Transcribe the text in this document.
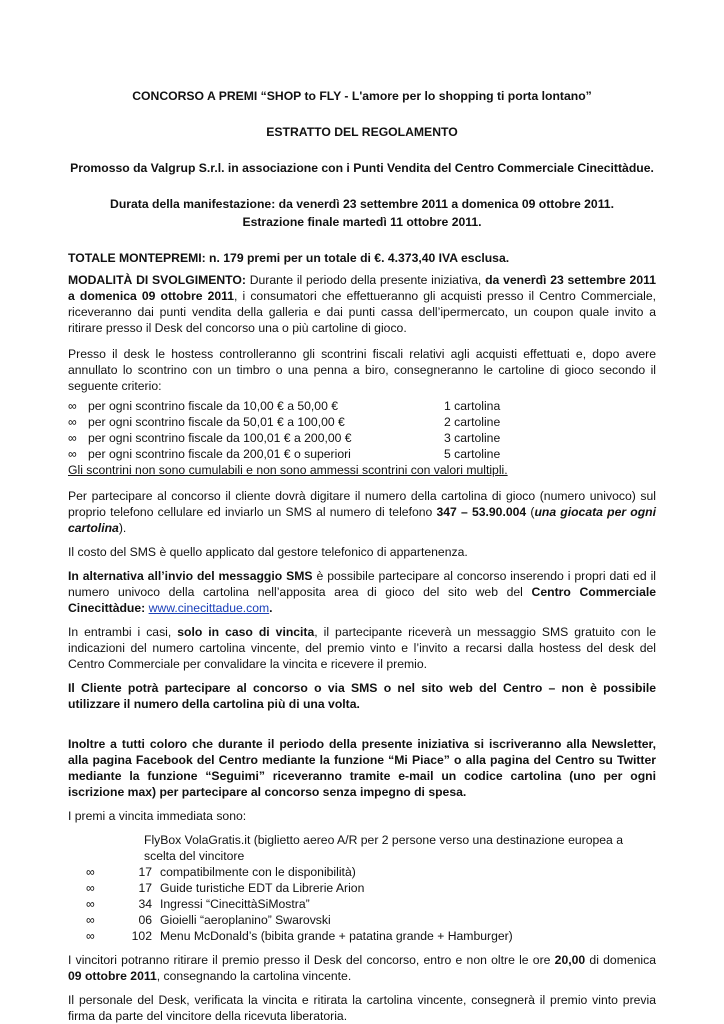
CONCORSO A PREMI “SHOP to FLY - L'amore per lo shopping ti porta lontano”
ESTRATTO DEL REGOLAMENTO
Promosso da Valgrup S.r.l. in associazione con i Punti Vendita del Centro Commerciale Cinecittàdue.
Durata della manifestazione: da venerdì 23 settembre 2011 a domenica 09 ottobre 2011.
Estrazione finale martedì 11 ottobre 2011.

TOTALE MONTEPREMI: n. 179 premi per un totale di €. 4.373,40 IVA esclusa.

MODALITÀ DI SVOLGIMENTO: Durante il periodo della presente iniziativa, da venerdì 23 settembre 2011 a domenica 09 ottobre 2011, i consumatori che effettueranno gli acquisti presso il Centro Commerciale, riceveranno dai punti vendita della galleria e dai punti cassa dell’ipermercato, un coupon quale invito a ritirare presso il Desk del concorso una o più cartoline di gioco.

Presso il desk le hostess controlleranno gli scontrini fiscali relativi agli acquisti effettuati e, dopo avere annullato lo scontrino con un timbro o una penna a biro, consegneranno le cartoline di gioco secondo il seguente criterio:

∞	per ogni scontrino fiscale da 10,00 € a 50,00 €	1 cartolina
∞	per ogni scontrino fiscale da 50,01 € a 100,00 €	2 cartoline
∞	per ogni scontrino fiscale da 100,01 € a 200,00 €	3 cartoline
∞	per ogni scontrino fiscale da 200,01 € o superiori	5 cartoline

Gli scontrini non sono cumulabili e non sono ammessi scontrini con valori multipli.

Per partecipare al concorso il cliente dovrà digitare il numero della cartolina di gioco (numero univoco) sul proprio telefono cellulare ed inviarlo un SMS al numero di telefono 347 – 53.90.004 (una giocata per ogni cartolina).

Il costo del SMS è quello applicato dal gestore telefonico di appartenenza.

In alternativa all’invio del messaggio SMS è possibile partecipare al concorso inserendo i propri dati ed il numero univoco della cartolina nell’apposita area di gioco del sito web del Centro Commerciale Cinecittàdue: www.cinecittadue.com.

In entrambi i casi, solo in caso di vincita, il partecipante riceverà un messaggio SMS gratuito con le indicazioni del numero cartolina vincente, del premio vinto e l’invito a recarsi dalla hostess del desk del Centro Commerciale per convalidare la vincita e ricevere il premio.

Il Cliente potrà partecipare al concorso o via SMS o nel sito web del Centro – non è possibile utilizzare il numero della cartolina più di una volta.

Inoltre a tutti coloro che durante il periodo della presente iniziativa si iscriveranno alla Newsletter, alla pagina Facebook del Centro mediante la funzione “Mi Piace” o alla pagina del Centro su Twitter mediante la funzione “Seguimi” riceveranno tramite e-mail un codice cartolina (uno per ogni iscrizione max) per partecipare al concorso senza impegno di spesa.

I premi a vincita immediata sono:

FlyBox VolaGratis.it (biglietto aereo A/R per 2 persone verso una destinazione europea a scelta del vincitore
∞	17	compatibilmente con le disponibilità)
∞	17	Guide turistiche EDT da Librerie Arion
∞	34	Ingressi “CinecittàSiMostra”
∞	06	Gioielli “aeroplanino” Swarovski
∞	102	Menu McDonald’s (bibita grande + patatina grande + Hamburger)

I vincitori potranno ritirare il premio presso il Desk del concorso, entro e non oltre le ore 20,00 di domenica 09 ottobre 2011, consegnando la cartolina vincente.

Il personale del Desk, verificata la vincita e ritirata la cartolina vincente, consegnerà il premio vinto previa firma da parte del vincitore della ricevuta liberatoria.
